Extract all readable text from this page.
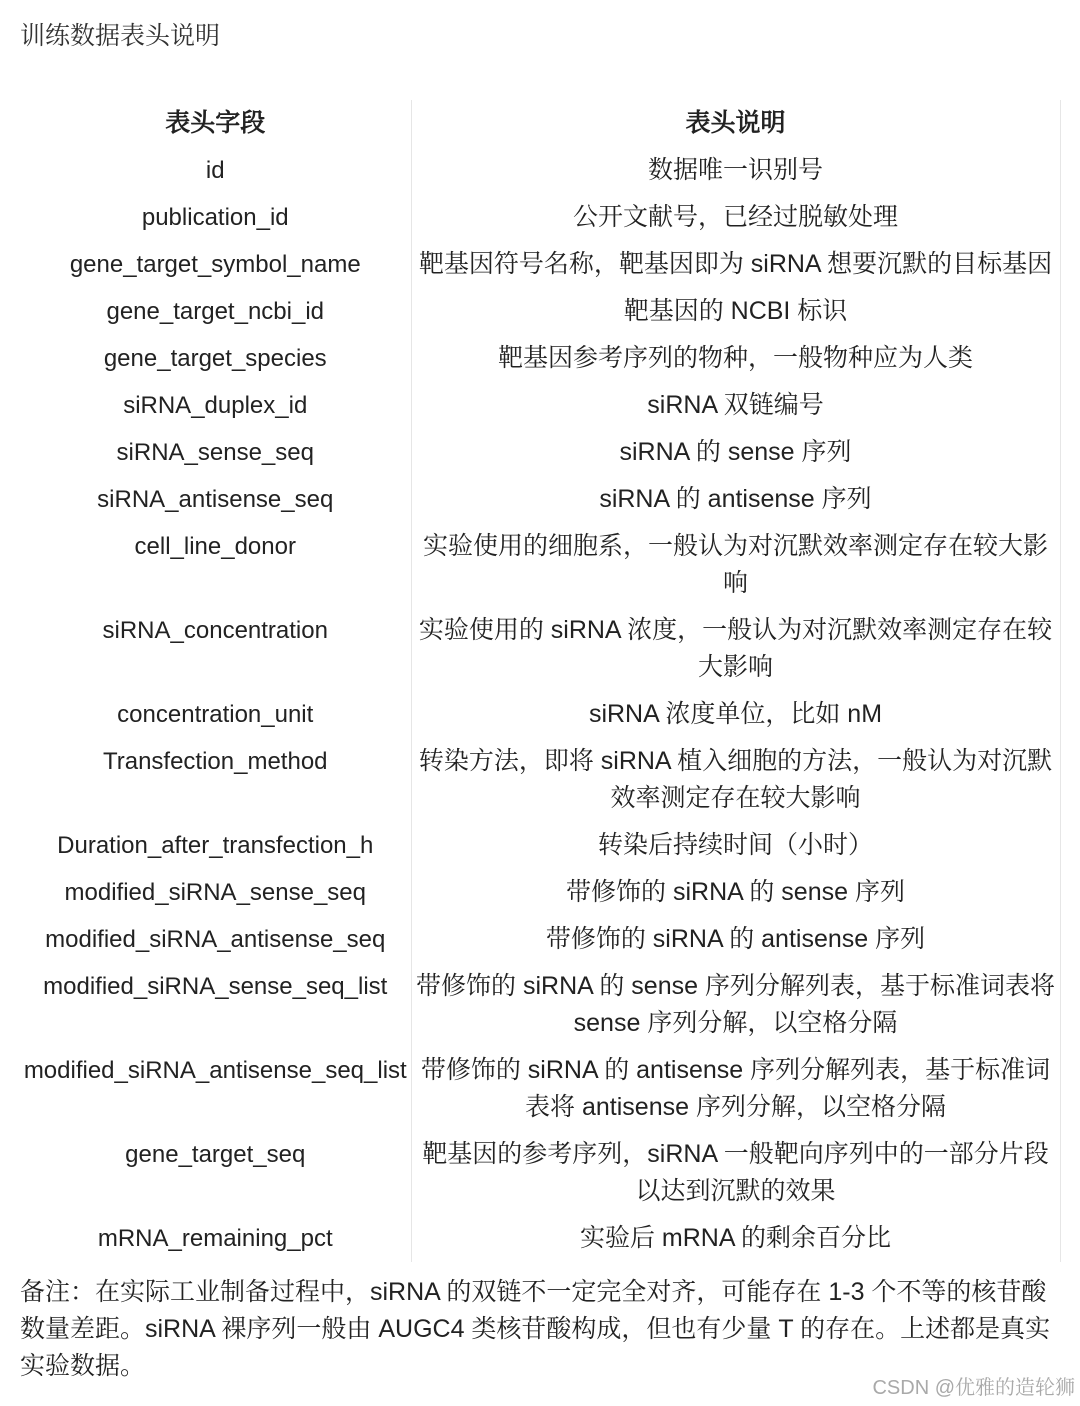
训练数据表头说明
表头字段	表头说明
id	数据唯一识别号
publication_id	公开文献号，已经过脱敏处理
gene_target_symbol_name	靶基因符号名称，靶基因即为 siRNA 想要沉默的目标基因
gene_target_ncbi_id	靶基因的 NCBI 标识
gene_target_species	靶基因参考序列的物种，一般物种应为人类
siRNA_duplex_id	siRNA 双链编号
siRNA_sense_seq	siRNA 的 sense 序列
siRNA_antisense_seq	siRNA 的 antisense 序列
cell_line_donor	实验使用的细胞系，一般认为对沉默效率测定存在较大影响
siRNA_concentration	实验使用的 siRNA 浓度，一般认为对沉默效率测定存在较大影响
concentration_unit	siRNA 浓度单位，比如 nM
Transfection_method	转染方法，即将 siRNA 植入细胞的方法，一般认为对沉默效率测定存在较大影响
Duration_after_transfection_h	转染后持续时间（小时）
modified_siRNA_sense_seq	带修饰的 siRNA 的 sense 序列
modified_siRNA_antisense_seq	带修饰的 siRNA 的 antisense 序列
modified_siRNA_sense_seq_list	带修饰的 siRNA 的 sense 序列分解列表，基于标准词表将 sense 序列分解，以空格分隔
modified_siRNA_antisense_seq_list	带修饰的 siRNA 的 antisense 序列分解列表，基于标准词表将 antisense 序列分解，以空格分隔
gene_target_seq	靶基因的参考序列，siRNA 一般靶向序列中的一部分片段以达到沉默的效果
mRNA_remaining_pct	实验后 mRNA 的剩余百分比
备注：在实际工业制备过程中，siRNA 的双链不一定完全对齐，可能存在 1-3 个不等的核苷酸数量差距。siRNA 裸序列一般由 AUGC4 类核苷酸构成，但也有少量 T 的存在。上述都是真实实验数据。
CSDN @优雅的造轮狮
